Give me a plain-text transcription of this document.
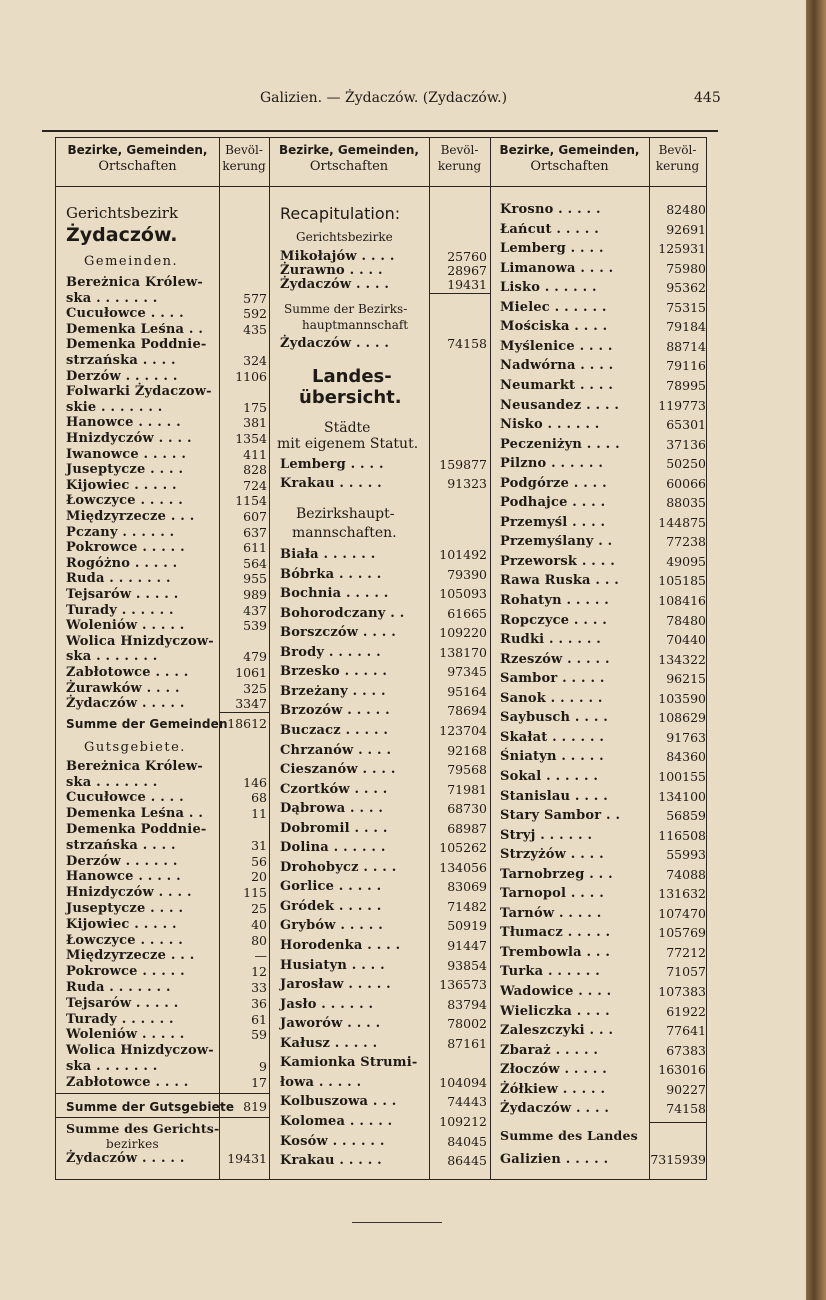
Galizien. — Żydaczów. (Zydaczów.)	445
Bezirke, Gemeinden,
Ortschaften
Bevöl-
kerung
Bezirke, Gemeinden,
Ortschaften
Bevöl-
kerung
Bezirke, Gemeinden,
Ortschaften
Bevöl-
kerung
Gerichtsbezirk
Żydaczów.
Gemeinden.
Recapitulation:
Gerichtsbezirke
Summe der Bezirks-
hauptmannschaft
Landes-
übersicht.
Städte
mit eigenem Statut.
Bezirkshaupt-
mannschaften.
Bereżnica Królew-
ska . . . . . . .	577
Cucułowce . . . .	592
Demenka Leśna . .	435
Demenka Poddnie-
strzańska . . . .	324
Derzów . . . . . .	1106
Folwarki Żydaczow-
skie . . . . . . .	175
Hanowce . . . . .	381
Hnizdyczów . . . .	1354
Iwanowce . . . . .	411
Juseptycze . . . .	828
Kijowiec . . . . .	724
Łowczyce . . . . .	1154
Międzyrzecze . . .	607
Pczany . . . . . .	637
Pokrowce . . . . .	611
Rogóżno . . . . .	564
Ruda . . . . . . .	955
Tejsarów . . . . .	989
Turady . . . . . .	437
Woleniów . . . . .	539
Wolica Hnizdyczow-
ska . . . . . . .	479
Zabłotowce . . . .	1061
Żurawków . . . .	325
Żydaczów . . . . .	3347
Summe der Gemeinden 18612
Gutsgebiete.
Bereżnica Królew-
ska . . . . . . .	146
Cucułowce . . . .	68
Demenka Leśna . .	11
Demenka Poddnie-
strzańska . . . .	31
Derzów . . . . . .	56
Hanowce . . . . .	20
Hnizdyczów . . . .	115
Juseptycze . . . .	25
Kijowiec . . . . .	40
Łowczyce . . . . .	80
Międzyrzecze . . .	—
Pokrowce . . . . .	12
Ruda . . . . . . .	33
Tejsarów . . . . .	36
Turady . . . . . .	61
Woleniów . . . . .	59
Wolica Hnizdyczow-
ska . . . . . . .	9
Zabłotowce . . . .	17
Summe der Gutsgebiete 819
Summe des Gerichts-
bezirkes
Żydaczów . . . . .	19431
Mikołajów . . . .	25760
Żurawno . . . .	28967
Żydaczów . . . .	19431
Żydaczów . . . .	74158
Lemberg . . . .	159877
Krakau . . . . .	91323
Biała . . . . . .	101492
Bóbrka . . . . .	79390
Bochnia . . . . .	105093
Bohorodczany . .	61665
Borszczów . . . .	109220
Brody . . . . . .	138170
Brzesko . . . . .	97345
Brzeżany . . . .	95164
Brzozów . . . . .	78694
Buczacz . . . . .	123704
Chrzanów . . . .	92168
Cieszanów . . . .	79568
Czortków . . . .	71981
Dąbrowa . . . .	68730
Dobromil . . . .	68987
Dolina . . . . . .	105262
Drohobycz . . . .	134056
Gorlice . . . . .	83069
Gródek . . . . .	71482
Grybów . . . . .	50919
Horodenka . . . .	91447
Husiatyn . . . .	93854
Jarosław . . . . .	136573
Jasło . . . . . .	83794
Jaworów . . . .	78002
Kałusz . . . . .	87161
Kamionka Strumi-
łowa . . . . .	104094
Kolbuszowa . . .	74443
Kolomea . . . . .	109212
Kosów . . . . . .	84045
Krakau . . . . .	86445
Krosno . . . . .	82480
Łańcut . . . . .	92691
Lemberg . . . .	125931
Limanowa . . . .	75980
Lisko . . . . . .	95362
Mielec . . . . . .	75315
Mościska . . . .	79184
Myślenice . . . .	88714
Nadwórna . . . .	79116
Neumarkt . . . .	78995
Neusandez . . . .	119773
Nisko . . . . . .	65301
Peczeniżyn . . . .	37136
Pilzno . . . . . .	50250
Podgórze . . . .	60066
Podhajce . . . .	88035
Przemyśl . . . .	144875
Przemyślany . .	77238
Przeworsk . . . .	49095
Rawa Ruska . . .	105185
Rohatyn . . . . .	108416
Ropczyce . . . .	78480
Rudki . . . . . .	70440
Rzeszów . . . . .	134322
Sambor . . . . .	96215
Sanok . . . . . .	103590
Saybusch . . . .	108629
Skałat . . . . . .	91763
Śniatyn . . . . .	84360
Sokal . . . . . .	100155
Stanislau . . . .	134100
Stary Sambor . .	56859
Stryj . . . . . .	116508
Strzyżów . . . .	55993
Tarnobrzeg . . .	74088
Tarnopol . . . .	131632
Tarnów . . . . .	107470
Tłumacz . . . . .	105769
Trembowla . . .	77212
Turka . . . . . .	71057
Wadowice . . . .	107383
Wieliczka . . . .	61922
Zaleszczyki . . .	77641
Zbaraż . . . . .	67383
Złoczów . . . . .	163016
Żółkiew . . . . .	90227
Żydaczów . . . .	74158
Summe des Landes
Galizien . . . . .	7315939
